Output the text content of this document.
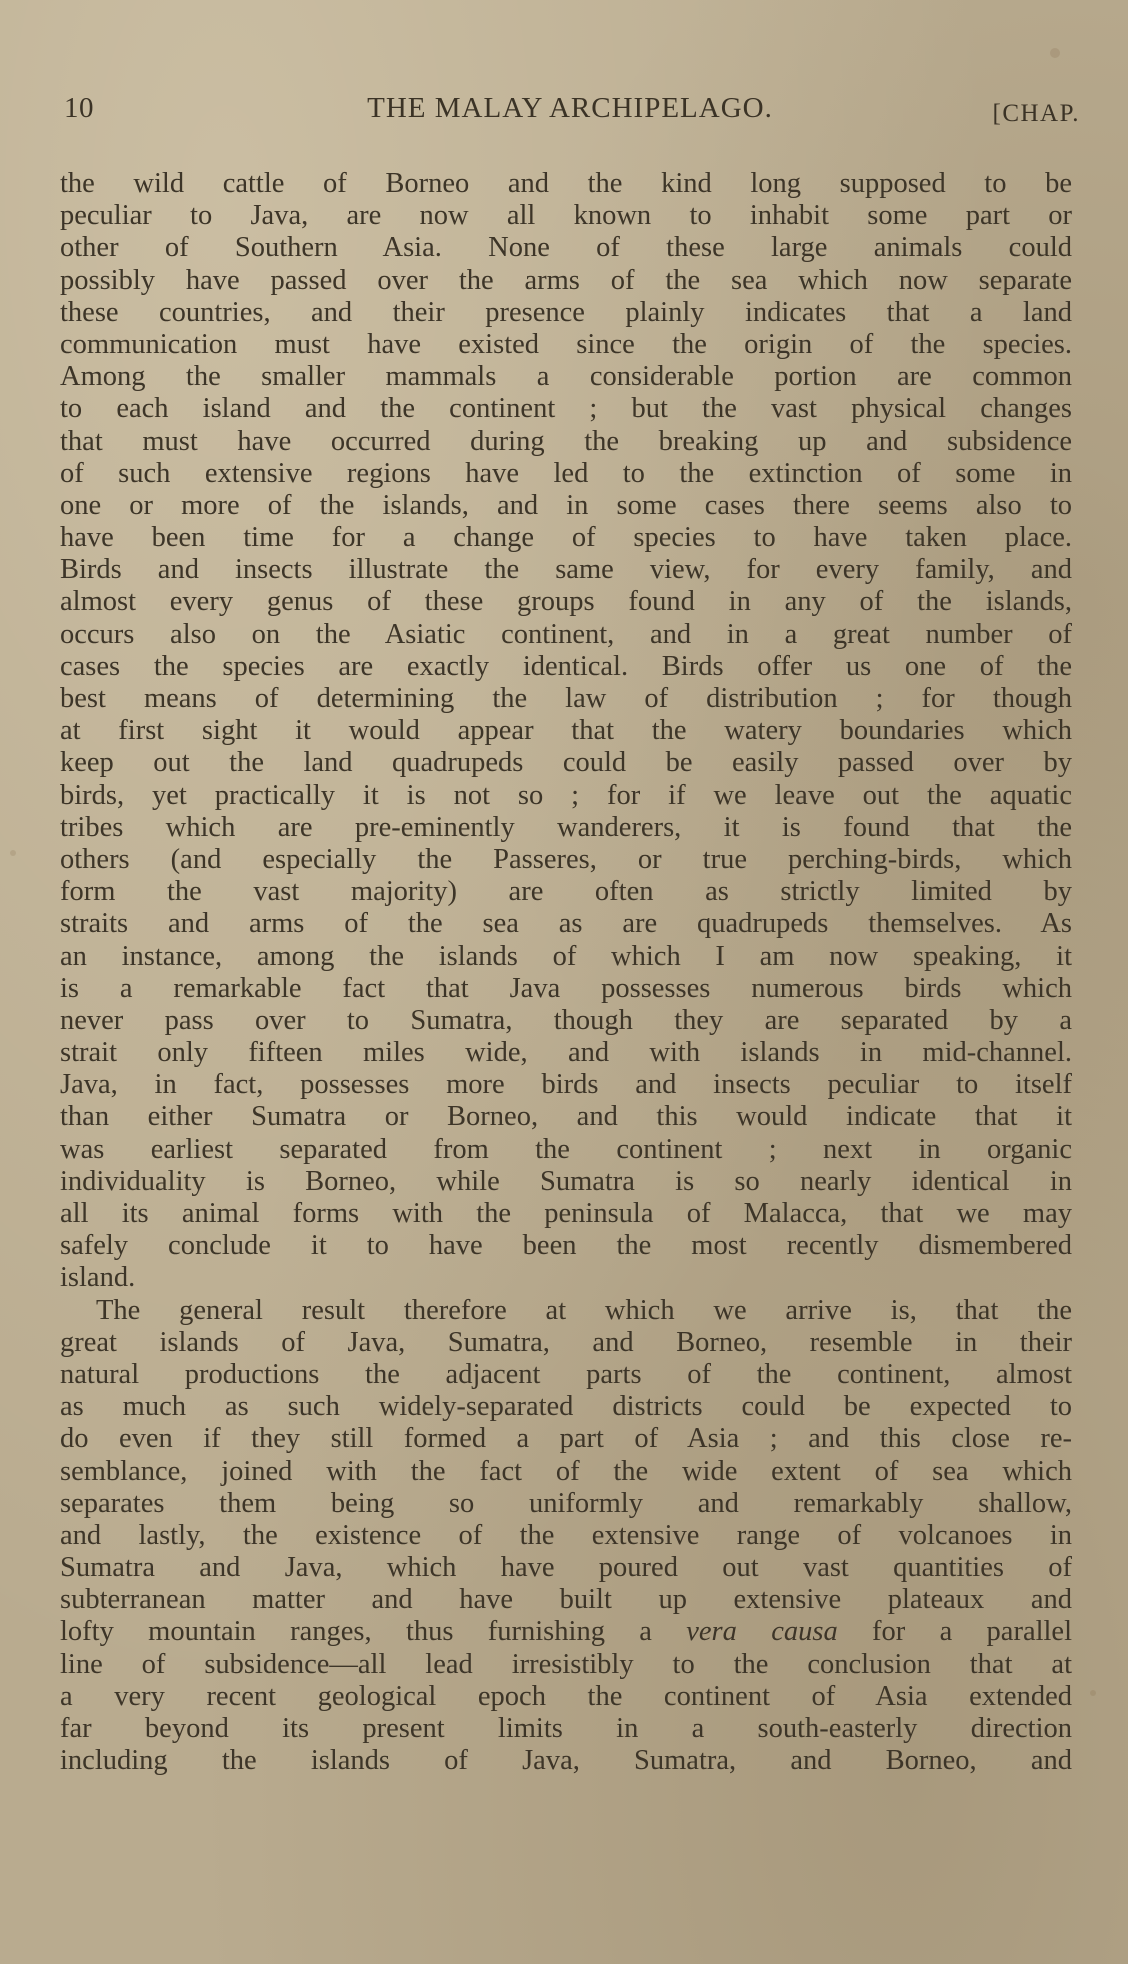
10	THE MALAY ARCHIPELAGO.	[CHAP.
the wild cattle of Borneo and the kind long supposed to be
peculiar to Java, are now all known to inhabit some part or
other of Southern Asia. None of these large animals could
possibly have passed over the arms of the sea which now separate
these countries, and their presence plainly indicates that a land
communication must have existed since the origin of the species.
Among the smaller mammals a considerable portion are common
to each island and the continent ; but the vast physical changes
that must have occurred during the breaking up and subsidence
of such extensive regions have led to the extinction of some in
one or more of the islands, and in some cases there seems also to
have been time for a change of species to have taken place.
Birds and insects illustrate the same view, for every family, and
almost every genus of these groups found in any of the islands,
occurs also on the Asiatic continent, and in a great number of
cases the species are exactly identical. Birds offer us one of the
best means of determining the law of distribution ; for though
at first sight it would appear that the watery boundaries which
keep out the land quadrupeds could be easily passed over by
birds, yet practically it is not so ; for if we leave out the aquatic
tribes which are pre-eminently wanderers, it is found that the
others (and especially the Passeres, or true perching-birds, which
form the vast majority) are often as strictly limited by
straits and arms of the sea as are quadrupeds themselves. As
an instance, among the islands of which I am now speaking, it
is a remarkable fact that Java possesses numerous birds which
never pass over to Sumatra, though they are separated by a
strait only fifteen miles wide, and with islands in mid-channel.
Java, in fact, possesses more birds and insects peculiar to itself
than either Sumatra or Borneo, and this would indicate that it
was earliest separated from the continent ; next in organic
individuality is Borneo, while Sumatra is so nearly identical in
all its animal forms with the peninsula of Malacca, that we may
safely conclude it to have been the most recently dismembered
island.
The general result therefore at which we arrive is, that the
great islands of Java, Sumatra, and Borneo, resemble in their
natural productions the adjacent parts of the continent, almost
as much as such widely-separated districts could be expected to
do even if they still formed a part of Asia ; and this close re-
semblance, joined with the fact of the wide extent of sea which
separates them being so uniformly and remarkably shallow,
and lastly, the existence of the extensive range of volcanoes in
Sumatra and Java, which have poured out vast quantities of
subterranean matter and have built up extensive plateaux and
lofty mountain ranges, thus furnishing a vera causa for a parallel
line of subsidence—all lead irresistibly to the conclusion that at
a very recent geological epoch the continent of Asia extended
far beyond its present limits in a south-easterly direction
including the islands of Java, Sumatra, and Borneo, and
